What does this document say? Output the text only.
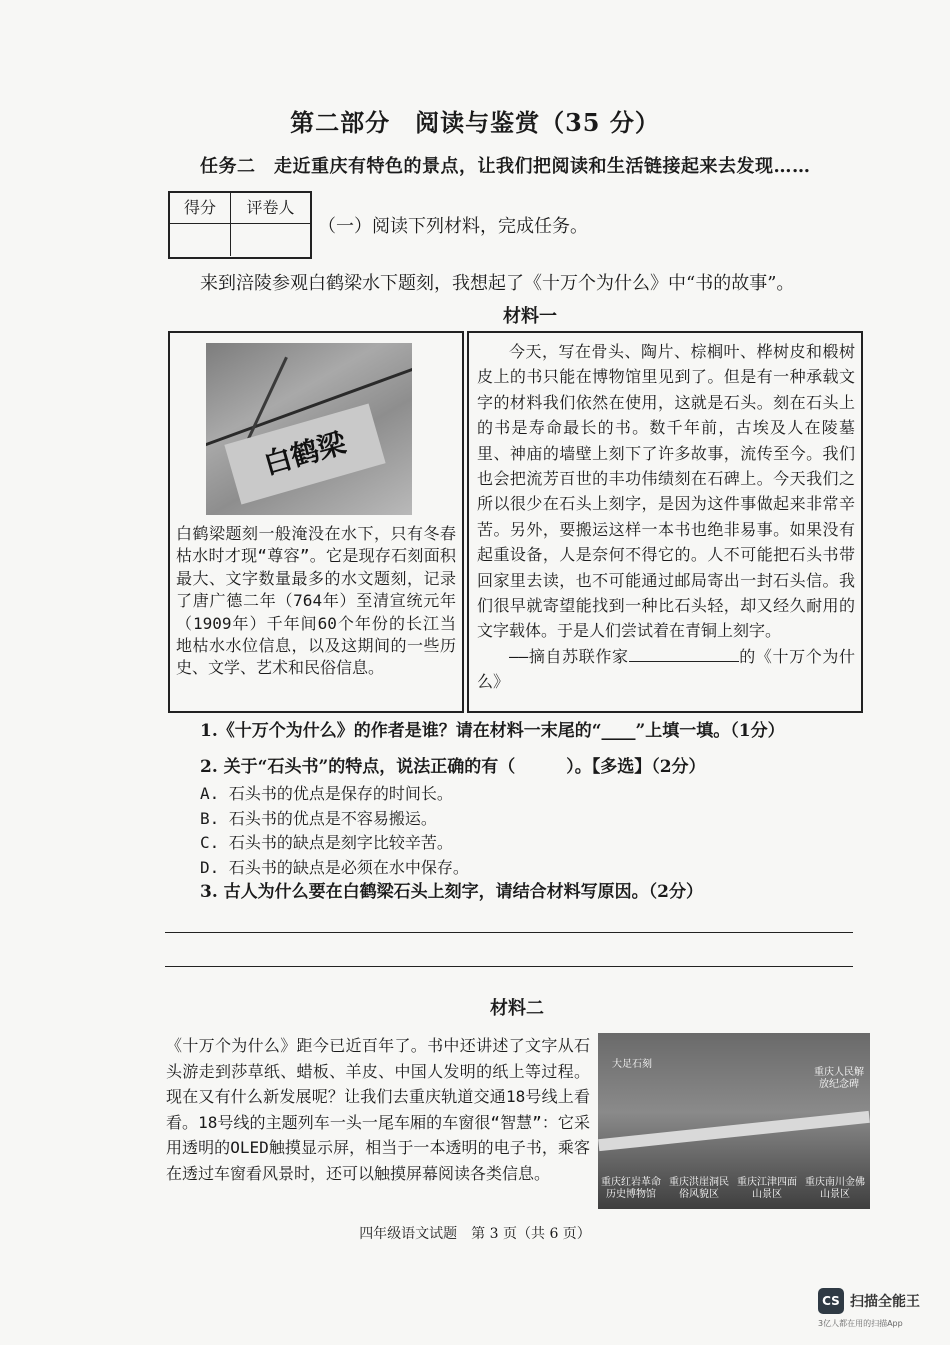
第二部分　阅读与鉴赏（35 分）
任务二　走近重庆有特色的景点，让我们把阅读和生活链接起来去发现……
得分	评卷人
（一）阅读下列材料，完成任务。
来到涪陵参观白鹤梁水下题刻，我想起了《十万个为什么》中“书的故事”。
材料一
白鹤梁
白鹤梁题刻一般淹没在水下，只有冬春枯水时才现“尊容”。它是现存石刻面积最大、文字数量最多的水文题刻，记录了唐广德二年（764年）至清宣统元年（1909年）千年间60个年份的长江当地枯水水位信息，以及这期间的一些历史、文学、艺术和民俗信息。
今天，写在骨头、陶片、棕榈叶、桦树皮和椴树皮上的书只能在博物馆里见到了。但是有一种承载文字的材料我们依然在使用，这就是石头。刻在石头上的书是寿命最长的书。数千年前，古埃及人在陵墓里、神庙的墙壁上刻下了许多故事，流传至今。我们也会把流芳百世的丰功伟绩刻在石碑上。今天我们之所以很少在石头上刻字，是因为这件事做起来非常辛苦。另外，要搬运这样一本书也绝非易事。如果没有起重设备，人是奈何不得它的。人不可能把石头书带回家里去读，也不可能通过邮局寄出一封石头信。我们很早就寄望能找到一种比石头轻，却又经久耐用的文字载体。于是人们尝试着在青铜上刻字。
——摘自苏联作家	的《十万个为什么》
1.《十万个为什么》的作者是谁？请在材料一末尾的“____”上填一填。（1分）
2. 关于“石头书”的特点，说法正确的有（　　　）。【多选】（2分）
A. 石头书的优点是保存的时间长。
B. 石头书的优点是不容易搬运。
C. 石头书的缺点是刻字比较辛苦。
D. 石头书的缺点是必须在水中保存。
3. 古人为什么要在白鹤梁石头上刻字，请结合材料写原因。（2分）
材料二
《十万个为什么》距今已近百年了。书中还讲述了文字从石头游走到莎草纸、蜡板、羊皮、中国人发明的纸上等过程。现在又有什么新发展呢？让我们去重庆轨道交通18号线上看看。18号线的主题列车一头一尾车厢的车窗很“智慧”：它采用透明的OLED触摸显示屏，相当于一本透明的电子书，乘客在透过车窗看风景时，还可以触摸屏幕阅读各类信息。
大足石刻
重庆人民解放纪念碑
重庆红岩革命历史博物馆
重庆洪崖洞民俗风貌区
重庆江津四面山景区
重庆南川金佛山景区
四年级语文试题　第 3 页（共 6 页）
CS 扫描全能王
3亿人都在用的扫描App
